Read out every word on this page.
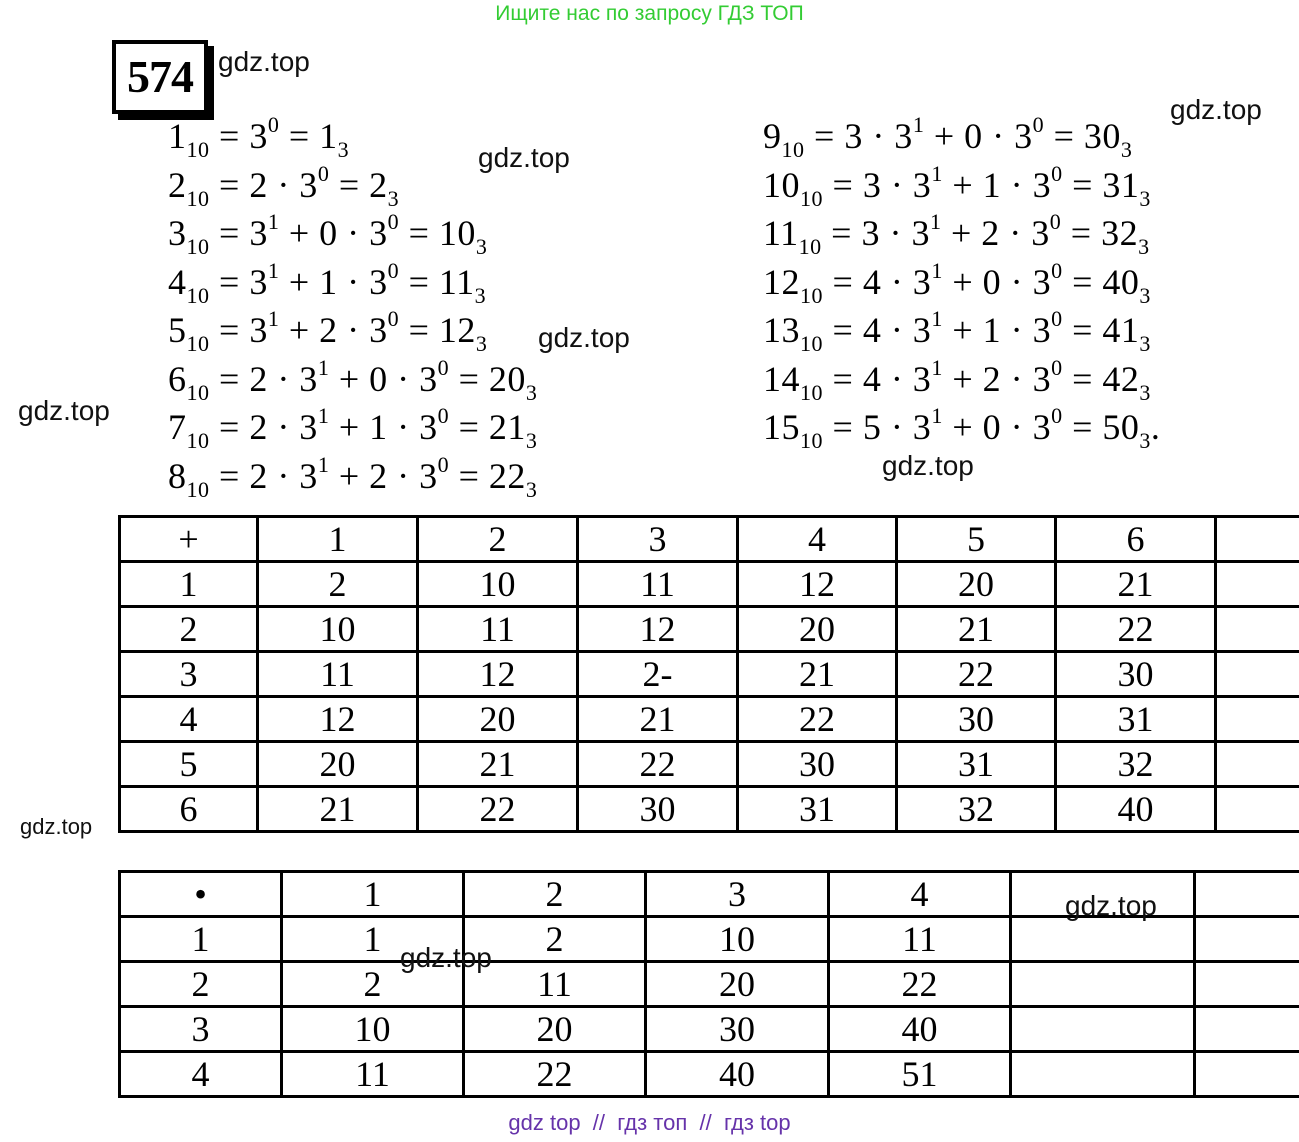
Ищите нас по запросу ГДЗ ТОП
574 gdz.top
gdz.top
gdz.top
gdz.top
gdz.top
gdz.top
gdz.top
$1_{10} = 3^0 = 1_3$
$2_{10} = 2 \cdot 3^0 = 2_3$
$3_{10} = 3^1 + 0 \cdot 3^0 = 10_3$
$4_{10} = 3^1 + 1 \cdot 3^0 = 11_3$
$5_{10} = 3^1 + 2 \cdot 3^0 = 12_3$
$6_{10} = 2 \cdot 3^1 + 0 \cdot 3^0 = 20_3$
$7_{10} = 2 \cdot 3^1 + 1 \cdot 3^0 = 21_3$
$8_{10} = 2 \cdot 3^1 + 2 \cdot 3^0 = 22_3$
$9_{10} = 3 \cdot 3^1 + 0 \cdot 3^0 = 30_3$
$10_{10} = 3 \cdot 3^1 + 1 \cdot 3^0 = 31_3$
$11_{10} = 3 \cdot 3^1 + 2 \cdot 3^0 = 32_3$
$12_{10} = 4 \cdot 3^1 + 0 \cdot 3^0 = 40_3$
$13_{10} = 4 \cdot 3^1 + 1 \cdot 3^0 = 41_3$
$14_{10} = 4 \cdot 3^1 + 2 \cdot 3^0 = 42_3$
$15_{10} = 5 \cdot 3^1 + 0 \cdot 3^0 = 50_3$.
+	1	2	3	4	5	6	
1	2	10	11	12	20	21	
2	10	11	12	20	21	22	
3	11	12	2-	21	22	30	
4	12	20	21	22	30	31	
5	20	21	22	30	31	32	
6	21	22	30	31	32	40	
•	1	2	3	4		
1	1	2	10	11		
2	2	11	20	22		
3	10	20	30	40		
4	11	22	40	51		
gdz.top
gdz.top
gdz top  //  гдз топ  //  гдз top
